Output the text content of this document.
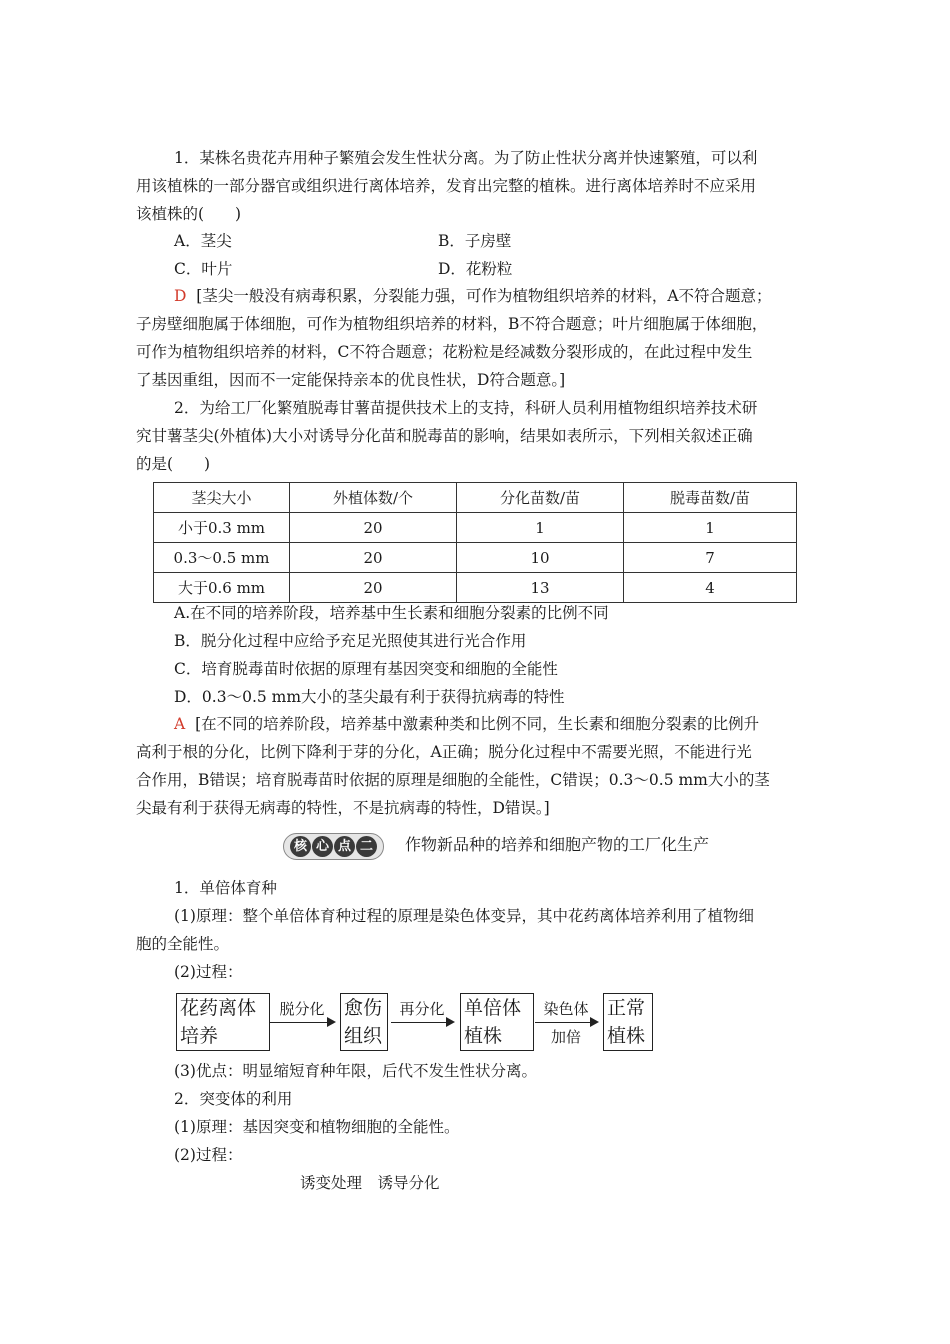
1．某株名贵花卉用种子繁殖会发生性状分离。为了防止性状分离并快速繁殖，可以利
用该植株的一部分器官或组织进行离体培养，发育出完整的植株。进行离体培养时不应采用
该植株的(　　)
A．茎尖	B．子房壁
C．叶片	D．花粉粒
D [茎尖一般没有病毒积累，分裂能力强，可作为植物组织培养的材料，A不符合题意；
子房壁细胞属于体细胞，可作为植物组织培养的材料，B不符合题意；叶片细胞属于体细胞，
可作为植物组织培养的材料，C不符合题意；花粉粒是经减数分裂形成的，在此过程中发生
了基因重组，因而不一定能保持亲本的优良性状，D符合题意。]
2．为给工厂化繁殖脱毒甘薯苗提供技术上的支持，科研人员利用植物组织培养技术研
究甘薯茎尖(外植体)大小对诱导分化苗和脱毒苗的影响，结果如表所示，下列相关叙述正确
的是(　　)
茎尖大小	外植体数/个	分化苗数/苗	脱毒苗数/苗
小于0.3 mm	20	1	1
0.3～0.5 mm	20	10	7
大于0.6 mm	20	13	4
A.在不同的培养阶段，培养基中生长素和细胞分裂素的比例不同
B．脱分化过程中应给予充足光照使其进行光合作用
C．培育脱毒苗时依据的原理有基因突变和细胞的全能性
D．0.3～0.5 mm大小的茎尖最有利于获得抗病毒的特性
A [在不同的培养阶段，培养基中激素种类和比例不同，生长素和细胞分裂素的比例升
高利于根的分化，比例下降利于芽的分化，A正确；脱分化过程中不需要光照，不能进行光
合作用，B错误；培育脱毒苗时依据的原理是细胞的全能性，C错误；0.3～0.5 mm大小的茎
尖最有利于获得无病毒的特性，不是抗病毒的特性，D错误。]
核 心 点 二 作物新品种的培养和细胞产物的工厂化生产
1．单倍体育种
(1)原理：整个单倍体育种过程的原理是染色体变异，其中花药离体培养利用了植物细
胞的全能性。
(2)过程：
花药离体
培养
脱分化	愈伤
组织
再分化	单倍体
植株
染色体
加倍
正常
植株
(3)优点：明显缩短育种年限，后代不发生性状分离。
2．突变体的利用
(1)原理：基因突变和植物细胞的全能性。
(2)过程：
诱变处理　诱导分化
